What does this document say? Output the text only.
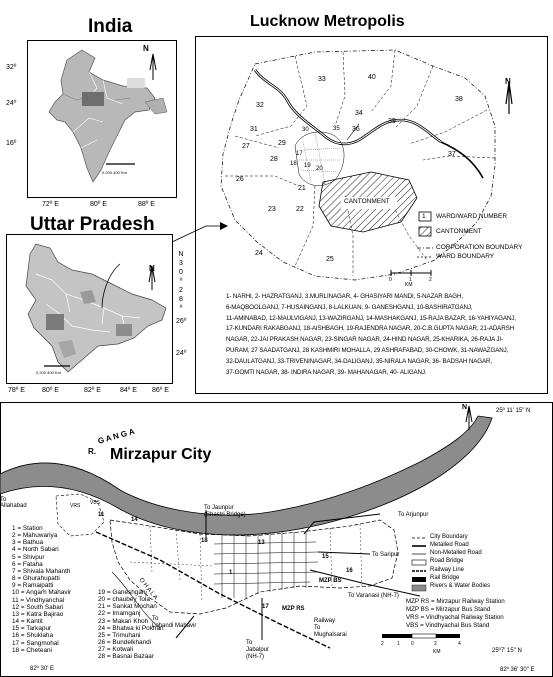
India
N
0 200 400 Km
32º
24º
16º
72º E	80º E	88º E
Uttar Pradesh
N
0 200 400 Km
N
3
0
º
2
8
º
26º
24º
78º E 80º E	82º E	84º E 86º E
Lucknow Metropolis
N
33	40
38
32
34
36
39
31
37
27	29
28
26
21
22
23
24
25
30	35
18 19 20
17
CANTONMENT
1 WARD/WARD NUMBER
CANTONMENT
CORPORATION BOUNDARY
WARD BOUNDARY
0	1	2
KM
1- NARHI, 2- HAZRATGANJ, 3.MURLINAGAR, 4- GHASIYARI MANDI, 5-NAZAR BAGH,
6-MAQBOOLGANJ, 7-HUSAINGANJ, 8-LALKUAN, 9- GANESHGANJ, 10-BASHIRATGANJ,
11-AMINABAD, 12-MAULVIGANJ, 13-WAZIRGANJ, 14-MASHAKGANJ, 15-RAJA BAZAR, 16-YAHIYAGANJ,
17-KUNDARI RAKABGANJ, 18-AISHBAGH, 19-RAJENDRA NAGAR, 20-C.B.GUPTA NAGAR, 21-ADARSH
NAGAR, 22-JAI PRAKASH NAGAR, 23-SINGAR NAGAR, 24-HIND NAGAR, 25-KHARIKA, 26-RAJA JI-
PURAM, 27 SAADATGANJ, 28 KASHMIRI MOHALLA, 29 ASHRAFABAD, 30-CHOWK, 31-NAWAZGANJ,
32-DAULATGANJ, 33-TRIVENINAGAR, 34-DALIGANJ, 35-NIRALA NAGAR, 36- BADSAH NAGAR,
37-GOMTI NAGAR, 38- INDIRA NAGAR, 39- MAHANAGAR, 40- ALIGANJ.
Mirzapur City
25º 11' 15" N
N
R.
G A N G A
O H A L A
To
Allahabad	To Jaunpur
(Shastri Bridge)	To Arjunpur
To Saripur
To Varanasi (NH-7)
To
Lohandi Mahavir
To
Jabalpur
(NH-7)
Railway
To
Mughalsarai
VRS VBS
MZP BS
MZP RS
14
18
15
16
17
13
1
11
1 = Station
2 = Mahuwariya
3 = Bathua
4 = North Sabari
5 = Shivpur
6 = Fataha
7 = Shivala Mahanth
8 = Ghurahupatti
9 = Ramaipatti
10 = Angarh Mahavir
11 = Vindhyanchal
12 = South Sabari
13 = Katra Bajirao
14 = Kantit
15 = Tarkapur
16 = Shuklaha
17 = Sangmohal
18 = Cheteani
19 = Ganeshganj
20 = chaubey Tola
21 = Sankat Mochan
22 = Imamganj
23 = Makari Khoh
24 = Bhatwa ki Pokhari
25 = Trimuhani
26 = Bundelkhandi
27 = Kotwali
28 = Basnai Bazaar
City Boundary
Metalled Road
Non-Metalled Road
Road Bridge
Railway Line
Rail Bridge
Rivers & Water Bodies
MZP RS = Mirzapur Railway Station
MZP BS = Mirzapur Bus Stand
VRS = Vindhyachal Railway Station
VBS = Vindhyachal Bus Stand
2	1 0	2	4
KM	25º7' 15" N
82º 36' 30" E
82º 30' E
